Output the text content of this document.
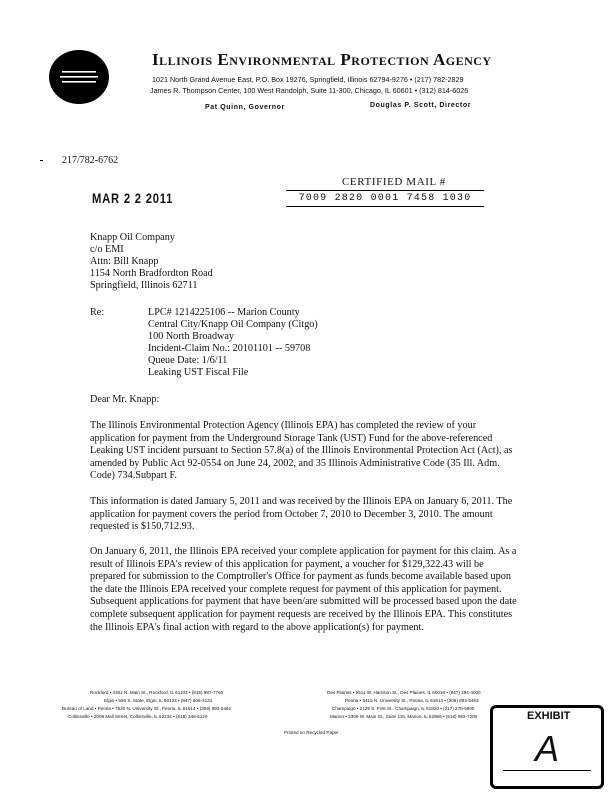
Illinois Environmental Protection Agency
1021 North Grand Avenue East, P.O. Box 19276, Springfield, Illinois 62794-9276 • (217) 782-2829
James R. Thompson Center, 100 West Randolph, Suite 11-300, Chicago, IL 60601 • (312) 814-6026
Pat Quinn, Governor	Douglas P. Scott, Director
217/782-6762
MAR 2 2 2011
CERTIFIED MAIL #
7009 2820 0001 7458 1030
Knapp Oil Company
c/o EMI
Attn: Bill Knapp
1154 North Bradfordton Road
Springfield, Illinois 62711
Re:	LPC# 1214225106 -- Marion County
Central City/Knapp Oil Company (Citgo)
100 North Broadway
Incident-Claim No.: 20101101 -- 59708
Queue Date: 1/6/11
Leaking UST Fiscal File
Dear Mr. Knapp:
The Illinois Environmental Protection Agency (Illinois EPA) has completed the review of your application for payment from the Underground Storage Tank (UST) Fund for the above-referenced Leaking UST incident pursuant to Section 57.8(a) of the Illinois Environmental Protection Act (Act), as amended by Public Act 92-0554 on June 24, 2002, and 35 Illinois Administrative Code (35 Ill. Adm. Code) 734.Subpart F.
This information is dated January 5, 2011 and was received by the Illinois EPA on January 6, 2011. The application for payment covers the period from October 7, 2010 to December 3, 2010. The amount requested is $150,712.93.
On January 6, 2011, the Illinois EPA received your complete application for payment for this claim. As a result of Illinois EPA's review of this application for payment, a voucher for $129,322.43 will be prepared for submission to the Comptroller's Office for payment as funds become available based upon the date the Illinois EPA received your complete request for payment of this application for payment. Subsequent applications for payment that have been/are submitted will be processed based upon the date complete subsequent application for payment requests are received by the Illinois EPA. This constitutes the Illinois EPA's final action with regard to the above application(s) for payment.
Rockford • 4302 N. Main St., Rockford, IL 61103 • (815) 987-7760
Elgin • 595 S. State, Elgin, IL 60123 • (847) 608-3131
Bureau of Land • Peoria • 7620 N. University St., Peoria, IL 61614 • (309) 693-5462
Collinsville • 2009 Mall Street, Collinsville, IL 62234 • (618) 346-5120
Des Plaines • 9511 W. Harrison St., Des Plaines, IL 60016 • (847) 294-4000
Peoria • 5415 N. University St., Peoria, IL 61614 • (309) 693-5463
Champaign • 2125 S. First St., Champaign, IL 61820 • (217) 278-5800
Marion • 2309 W. Main St., Suite 116, Marion, IL 62959 • (618) 993-7200
Printed on Recycled Paper
EXHIBIT
A
